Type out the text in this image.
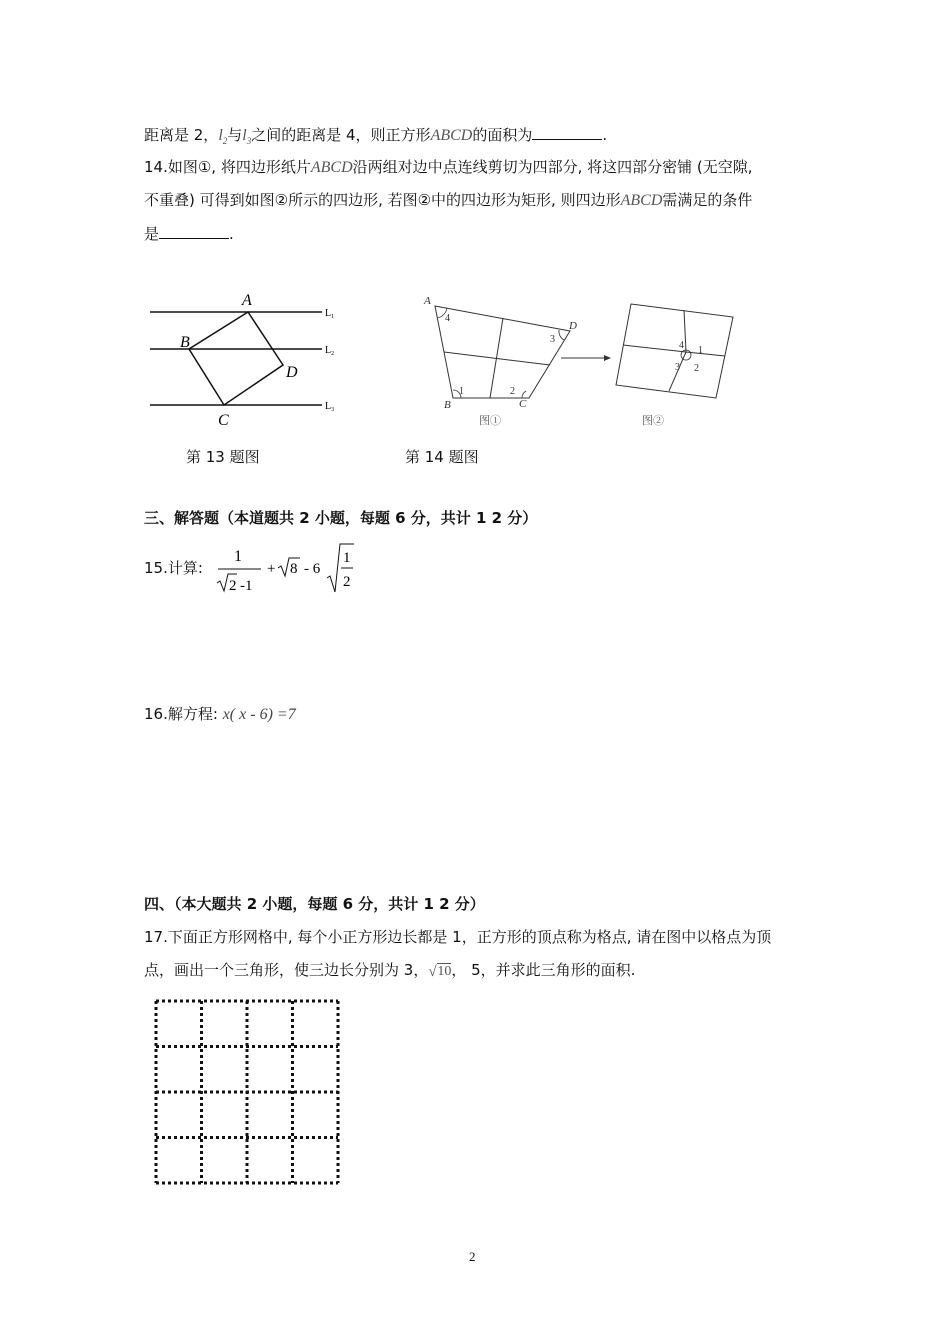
距离是 2，$l_2$与$l_3$之间的距离是 4，则正方形ABCD的面积为	.
14.如图①, 将四边形纸片ABCD沿两组对边中点连线剪切为四部分, 将这四部分密铺 (无空隙,
不重叠) 可得到如图②所示的四边形, 若图②中的四边形为矩形, 则四边形ABCD需满足的条件
是	.
A
B
C
D
$L_1$
$L_2$
$L_3$
A
B	C
D
4
3
1	2
图①
4 1
3 2
图②
第 13 题图	第 14 题图
三、解答题（本道题共 2 小题，每题 6 分，共计 1 2 分）
15.计算:
1
2 -1
+ 8 - 6
1
2
16.解方程: x( x - 6) =7
四、（本大题共 2 小题，每题 6 分，共计 1 2 分）
17.下面正方形网格中, 每个小正方形边长都是 1，正方形的顶点称为格点, 请在图中以格点为顶
点，画出一个三角形，使三边长分别为 3， √ 10， 5，并求此三角形的面积.
2
